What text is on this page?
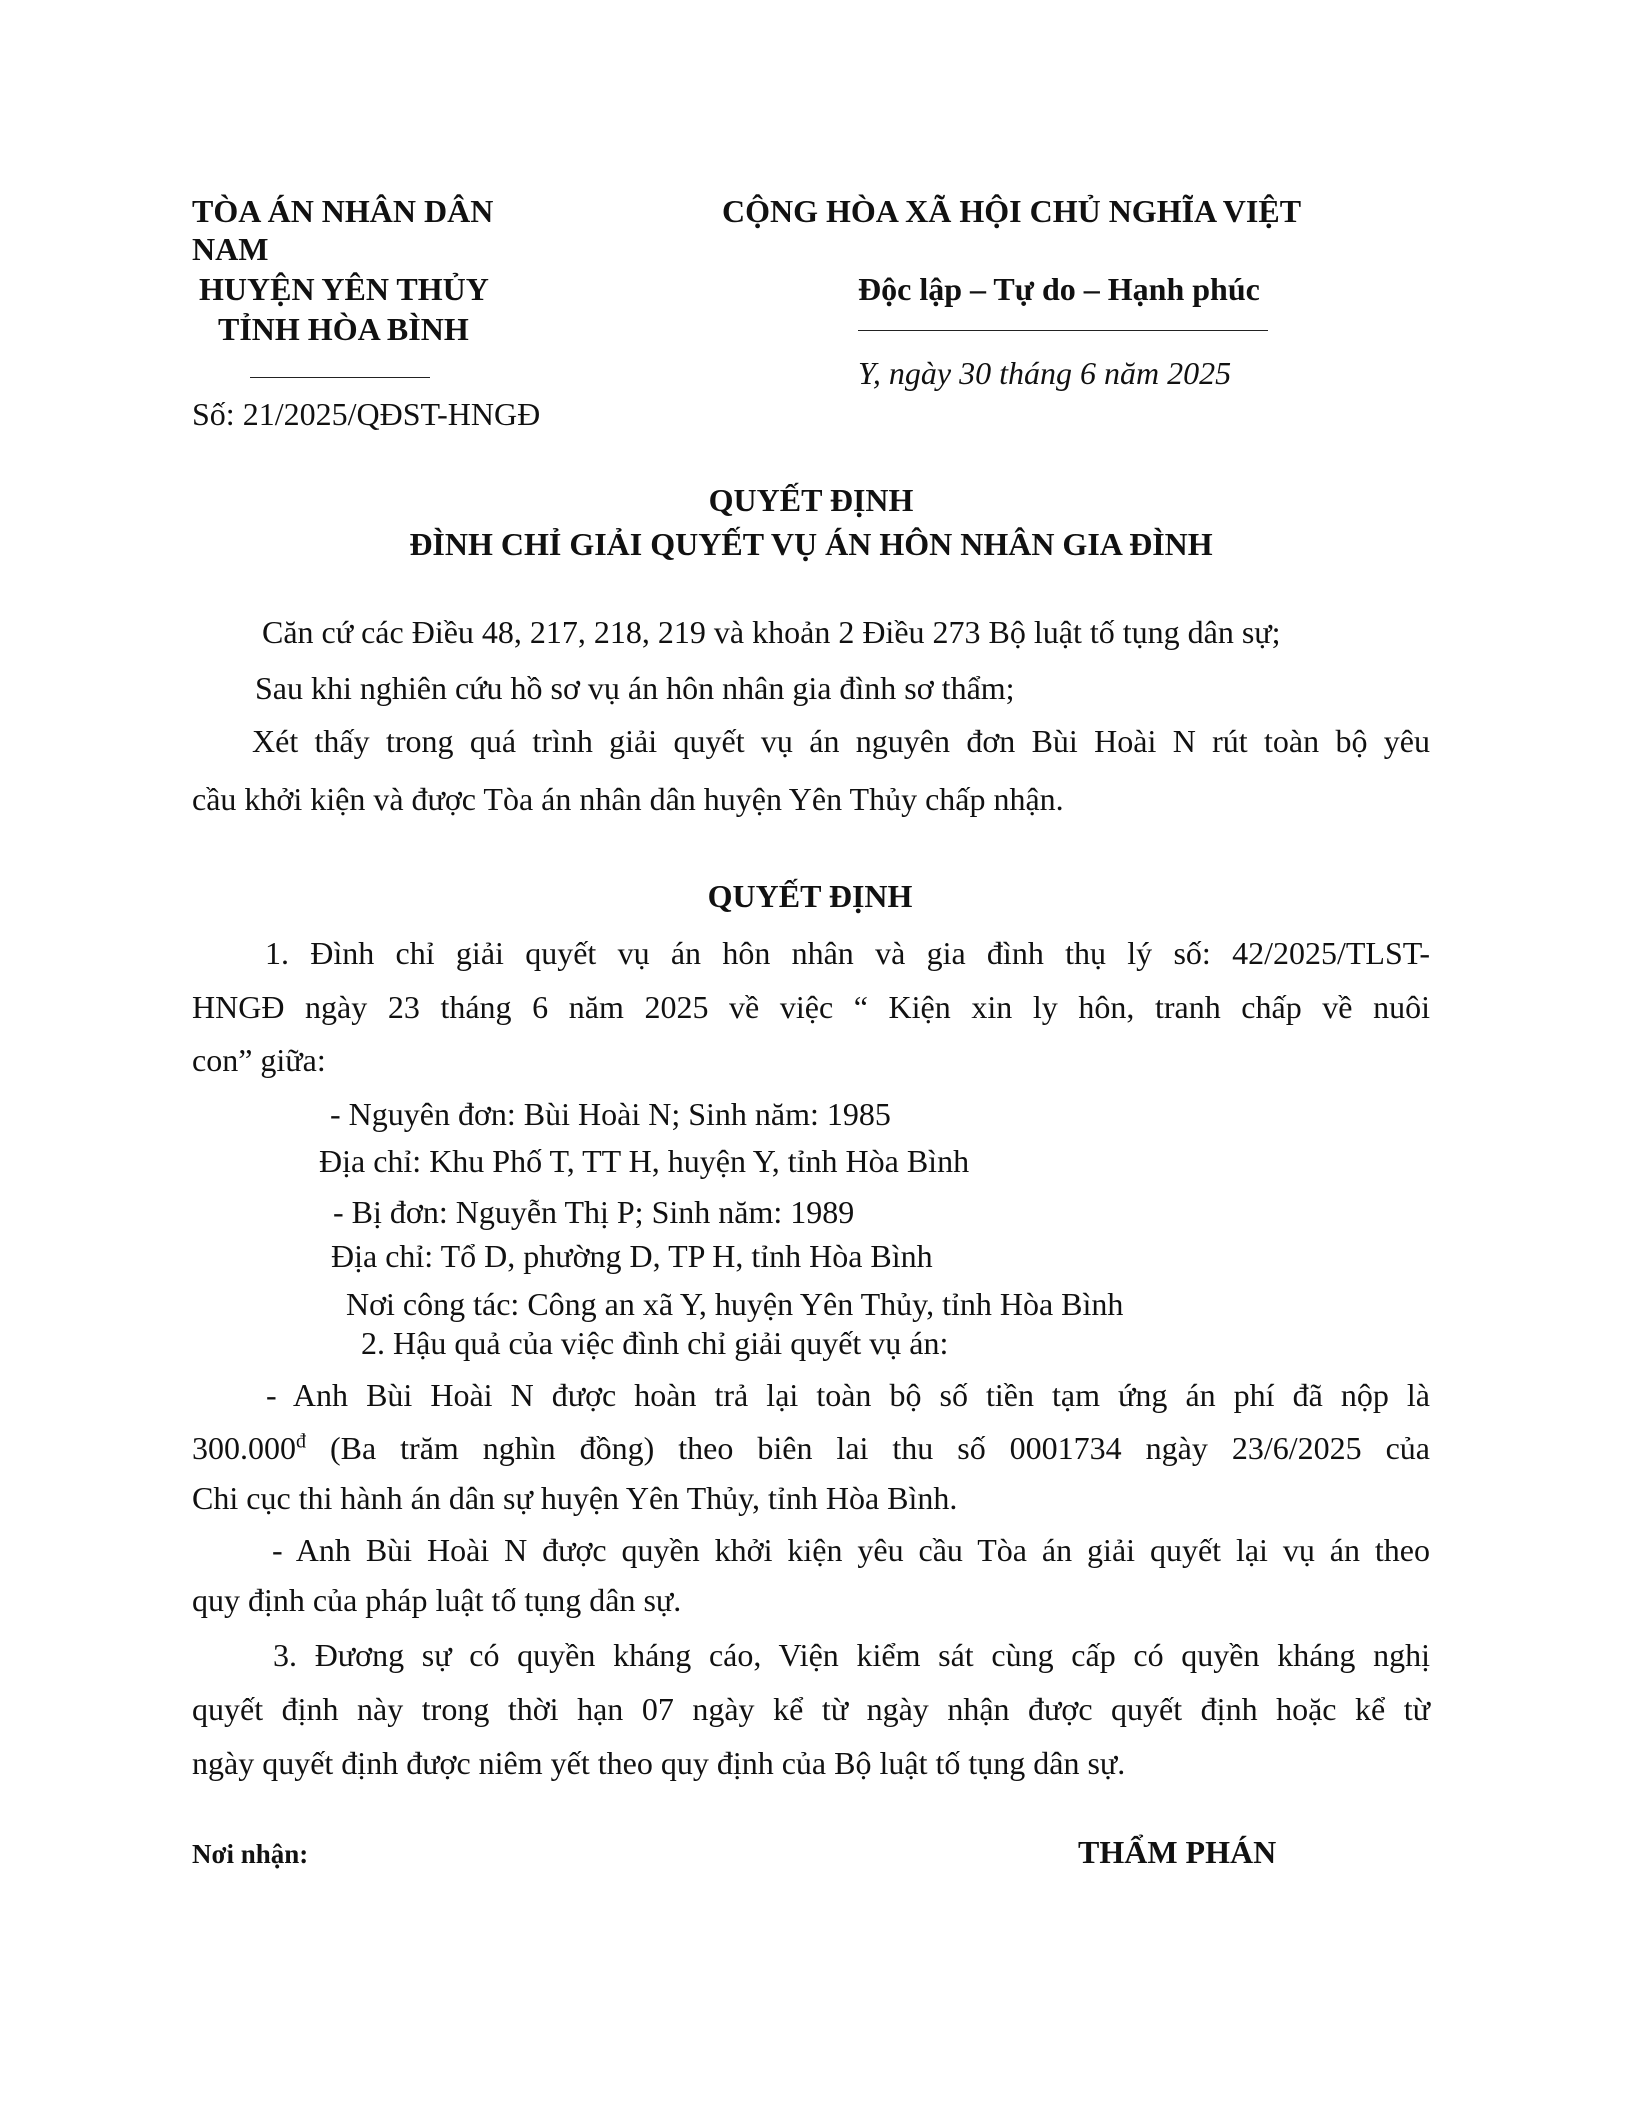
TÒA ÁN NHÂN DÂN
NAM
HUYỆN YÊN THỦY
TỈNH HÒA BÌNH
Số: 21/2025/QĐST-HNGĐ
CỘNG HÒA XÃ HỘI CHỦ NGHĨA VIỆT
Độc lập – Tự do – Hạnh phúc
Y, ngày 30 tháng 6 năm 2025
QUYẾT ĐỊNH
ĐÌNH CHỈ GIẢI QUYẾT VỤ ÁN HÔN NHÂN GIA ĐÌNH
Căn cứ các Điều 48, 217, 218, 219 và khoản 2 Điều 273 Bộ luật tố tụng dân sự;
Sau khi nghiên cứu hồ sơ vụ án hôn nhân gia đình sơ thẩm;
Xét thấy trong quá trình giải quyết vụ án nguyên đơn Bùi Hoài N rút toàn bộ yêu
cầu khởi kiện và được Tòa án nhân dân huyện Yên Thủy chấp nhận.
QUYẾT ĐỊNH
1. Đình chỉ giải quyết vụ án hôn nhân và gia đình thụ lý số: 42/2025/TLST-
HNGĐ ngày 23 tháng 6 năm 2025 về việc “ Kiện xin ly hôn, tranh chấp về nuôi
con” giữa:
- Nguyên đơn: Bùi Hoài N; Sinh năm: 1985
Địa chỉ: Khu Phố T, TT H, huyện Y, tỉnh Hòa Bình
- Bị đơn: Nguyễn Thị P; Sinh năm: 1989
Địa chỉ: Tổ D, phường D, TP H, tỉnh Hòa Bình
Nơi công tác: Công an xã Y, huyện Yên Thủy, tỉnh Hòa Bình
2. Hậu quả của việc đình chỉ giải quyết vụ án:
- Anh Bùi Hoài N được hoàn trả lại toàn bộ số tiền tạm ứng án phí đã nộp là
$300.000^đ$ (Ba trăm nghìn đồng) theo biên lai thu số 0001734 ngày 23/6/2025 của
Chi cục thi hành án dân sự huyện Yên Thủy, tỉnh Hòa Bình.
- Anh Bùi Hoài N được quyền khởi kiện yêu cầu Tòa án giải quyết lại vụ án theo
quy định của pháp luật tố tụng dân sự.
3. Đương sự có quyền kháng cáo, Viện kiểm sát cùng cấp có quyền kháng nghị
quyết định này trong thời hạn 07 ngày kể từ ngày nhận được quyết định hoặc kể từ
ngày quyết định được niêm yết theo quy định của Bộ luật tố tụng dân sự.
Nơi nhận:	THẨM PHÁN
